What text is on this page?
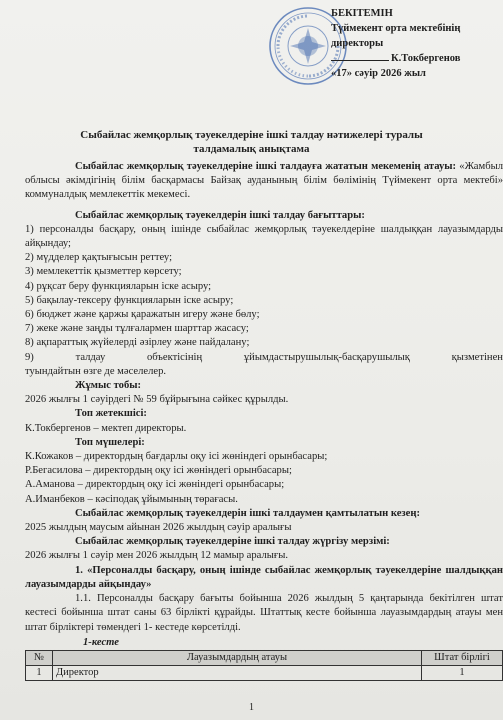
БЕКІТЕМІН
Түймекент орта мектебінің
директоры
К.Токбергенов
«17» сәуір 2026 жыл
Сыбайлас жемқорлық тәуекелдеріне ішкі талдау нәтижелері туралы
талдамалық анықтама

Сыбайлас жемқорлық тәуекелдеріне ішкі талдауға жататын мекеменің атауы: «Жамбыл облысы әкімдігінің білім басқармасы Байзақ ауданының білім бөлімінің Түймекент орта мектебі» коммуналдық мемлекеттік мекемесі.

Сыбайлас жемқорлық тәуекелдерін ішкі талдау бағыттары:

1) персоналды басқару, оның ішінде сыбайлас жемқорлық тәуекелдеріне шалдыққан лауазымдарды айқындау;

2) мүдделер қақтығысын реттеу;

3) мемлекеттік қызметтер көрсету;

4) рұқсат беру функцияларын іске асыру;

5) бақылау-тексеру функцияларын іске асыру;

6) бюджет және қаржы қаражатын игеру және бөлу;

7) жеке және заңды тұлғалармен шарттар жасасу;

8) ақпараттық жүйелерді әзірлеу және пайдалану;

9)	талдау	объектісінің	ұйымдастырушылық-басқарушылық	қызметінен

туындайтын өзге де мәселелер.

Жұмыс тобы:

2026 жылғы 1 сәуірдегі № 59 бұйрығына сәйкес құрылды.

Топ жетекшісі:

К.Токбергенов – мектеп директоры.

Топ мүшелері:

К.Кожаков – директордың бағдарлы оқу ісі жөніндегі орынбасары;

Р.Бегасилова – директордың оқу ісі жөніндегі орынбасары;

А.Аманова – директордың оқу ісі жөніндегі орынбасары;

А.Иманбеков – кәсіподақ ұйымының төрағасы.

Сыбайлас жемқорлық тәуекелдерін ішкі талдаумен қамтылатын кезең:

2025 жылдың маусым айынан 2026 жылдың сәуір аралығы

Сыбайлас жемқорлық тәуекелдеріне ішкі талдау жүргізу мерзімі:

2026 жылғы 1 сәуір мен 2026 жылдың 12 мамыр аралығы.

1. «Персоналды басқару, оның ішінде сыбайлас жемқорлық тәуекелдеріне шалдыққан лауазымдарды айқындау»

1.1. Персоналды басқару бағыты бойынша 2026 жылдың 5 қаңтарында бекітілген штат кестесі бойынша штат саны 63 бірлікті құрайды. Штаттық кесте бойынша лауазымдардың атауы мен штат бірліктері төмендегі 1- кестеде көрсетілді.

1-кесте

№	Лауазымдардың атауы	Штат бірлігі
1	Директор	1
1
